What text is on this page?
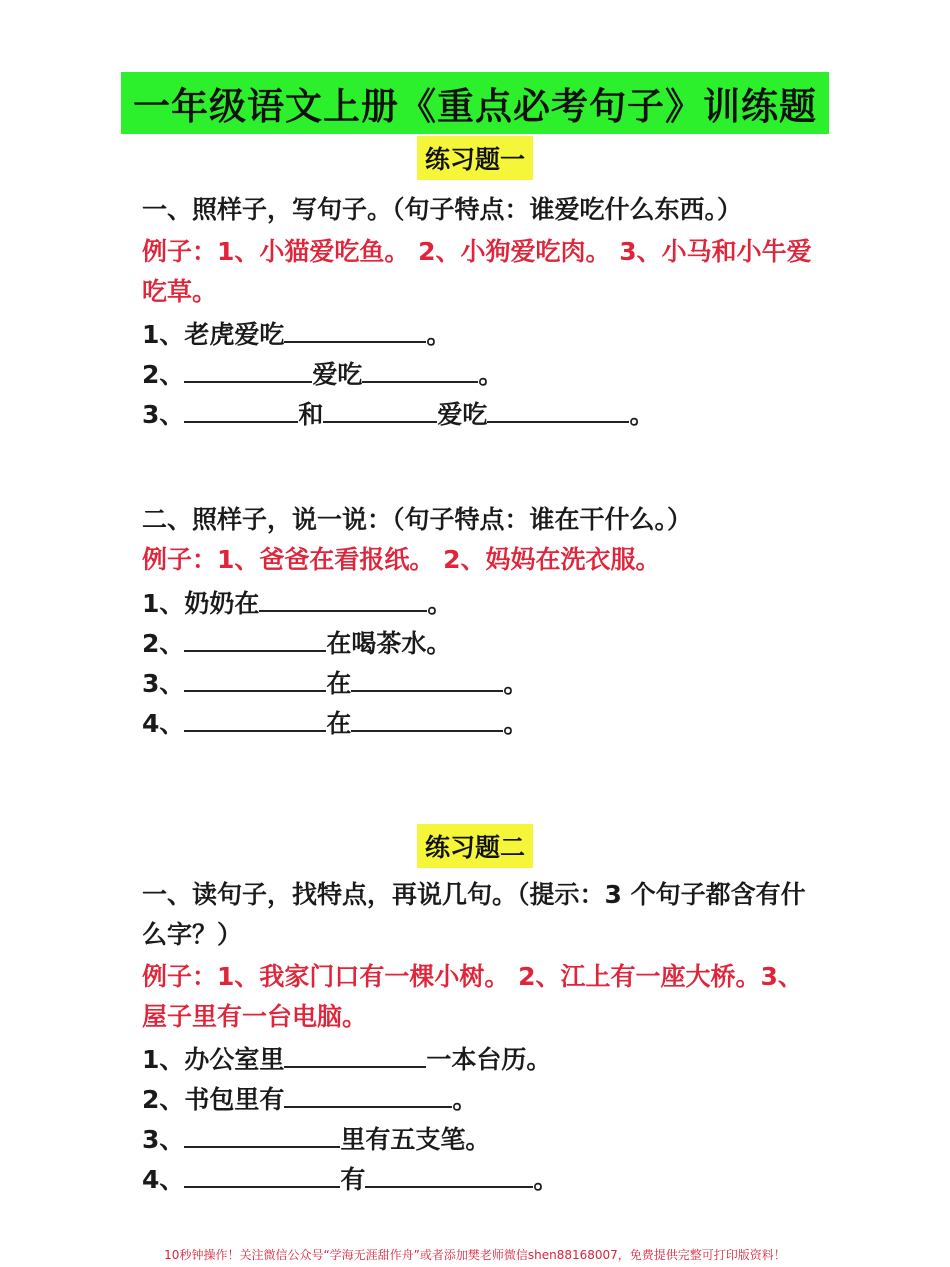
一年级语文上册《重点必考句子》训练题
练习题一
一、照样子，写句子。（句子特点：谁爱吃什么东西。）
例子：1、小猫爱吃鱼。 2、小狗爱吃肉。 3、小马和小牛爱
吃草。
1、老虎爱吃	。
2、	爱吃	。
3、	和	爱吃	。
二、照样子，说一说：（句子特点：谁在干什么。）
例子：1、爸爸在看报纸。 2、妈妈在洗衣服。
1、奶奶在	。
2、	在喝茶水。
3、	在	。
4、	在	。
练习题二
一、读句子，找特点，再说几句。（提示：3 个句子都含有什
么字？）
例子：1、我家门口有一棵小树。 2、江上有一座大桥。3、
屋子里有一台电脑。
1、办公室里	一本台历。
2、书包里有	。
3、	里有五支笔。
4、	有	。
10秒钟操作！关注微信公众号“学海无涯甜作舟”或者添加樊老师微信shen88168007，免费提供完整可打印版资料！
